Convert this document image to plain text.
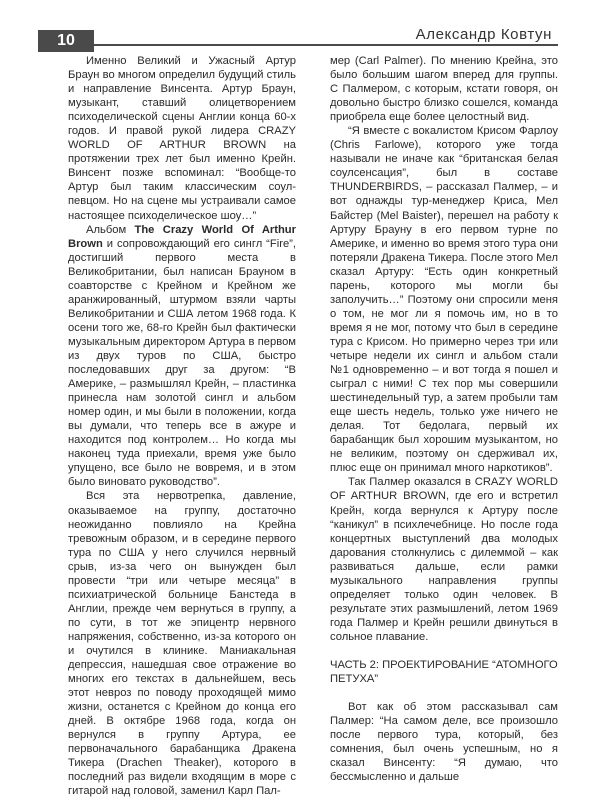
10	Александр Ковтун

Именно Великий и Ужасный Артур Браун во многом определил будущий стиль и направление Винсента. Артур Браун, музыкант, ставший олицетворением психоделической сцены Англии конца 60-х годов. И правой рукой лидера CRAZY WORLD OF ARTHUR BROWN на протяжении трех лет был именно Крейн. Винсент позже вспоминал: “Вообще-то Артур был таким классическим соул-певцом. Но на сцене мы устраивали самое настоящее психоделическое шоу…”

Альбом The Crazy World Of Arthur Brown и сопровождающий его сингл “Fire”, достигший первого места в Великобритании, был написан Брауном в соавторстве с Крейном и Крейном же аранжированный, штурмом взяли чарты Великобритании и США летом 1968 года. К осени того же, 68-го Крейн был фактически музыкальным директором Артура в первом из двух туров по США, быстро последовавших друг за другом: “В Америке, – размышлял Крейн, – пластинка принесла нам золотой сингл и альбом номер один, и мы были в положении, когда вы думали, что теперь все в ажуре и находится под контролем… Но когда мы наконец туда приехали, время уже было упущено, все было не вовремя, и в этом было виновато руководство”.

Вся эта нервотрепка, давление, оказываемое на группу, достаточно неожиданно повлияло на Крейна тревожным образом, и в середине первого тура по США у него случился нервный срыв, из-за чего он вынужден был провести “три или четыре месяца” в психиатрической больнице Банстеда в Англии, прежде чем вернуться в группу, а по сути, в тот же эпицентр нервного напряжения, собственно, из-за которого он и очутился в клинике. Маниакальная депрессия, нашедшая свое отражение во многих его текстах в дальнейшем, весь этот невроз по поводу проходящей мимо жизни, останется с Крейном до конца его дней. В октябре 1968 года, когда он вернулся в группу Артура, ее первоначального барабанщика Дракена Тикера (Drachen Theaker), которого в последний раз видели входящим в море с гитарой над головой, заменил Карл Пал-

мер (Carl Palmer). По мнению Крейна, это было большим шагом вперед для группы. С Палмером, с которым, кстати говоря, он довольно быстро близко сошелся, команда приобрела еще более целостный вид.

“Я вместе с вокалистом Крисом Фарлоу (Chris Farlowe), которого уже тогда называли не иначе как “британская белая соулсенсация”, был в составе THUNDERBIRDS, – рассказал Палмер, – и вот однажды тур-менеджер Криса, Мел Байстер (Mel Baister), перешел на работу к Артуру Брауну в его первом турне по Америке, и именно во время этого тура они потеряли Дракена Тикера. После этого Мел сказал Артуру: “Есть один конкретный парень, которого мы могли бы заполучить…” Поэтому они спросили меня о том, не мог ли я помочь им, но в то время я не мог, потому что был в середине тура с Крисом. Но примерно через три или четыре недели их сингл и альбом стали №1 одновременно – и вот тогда я пошел и сыграл с ними! С тех пор мы совершили шестинедельный тур, а затем пробыли там еще шесть недель, только уже ничего не делая. Тот бедолага, первый их барабанщик был хорошим музыкантом, но не великим, поэтому он сдерживал их, плюс еще он принимал много наркотиков”.

Так Палмер оказался в CRAZY WORLD OF ARTHUR BROWN, где его и встретил Крейн, когда вернулся к Артуру после “каникул” в психлечебнице. Но после года концертных выступлений два молодых дарования столкнулись с дилеммой – как развиваться дальше, если рамки музыкального направления группы определяет только один человек. В результате этих размышлений, летом 1969 года Палмер и Крейн решили двинуться в сольное плавание.

ЧАСТЬ 2: ПРОЕКТИРОВАНИЕ “АТОМНОГО ПЕТУХА”

Вот как об этом рассказывал сам Палмер: “На самом деле, все произошло после первого тура, который, без сомнения, был очень успешным, но я сказал Винсенту: “Я думаю, что бессмысленно и дальше
